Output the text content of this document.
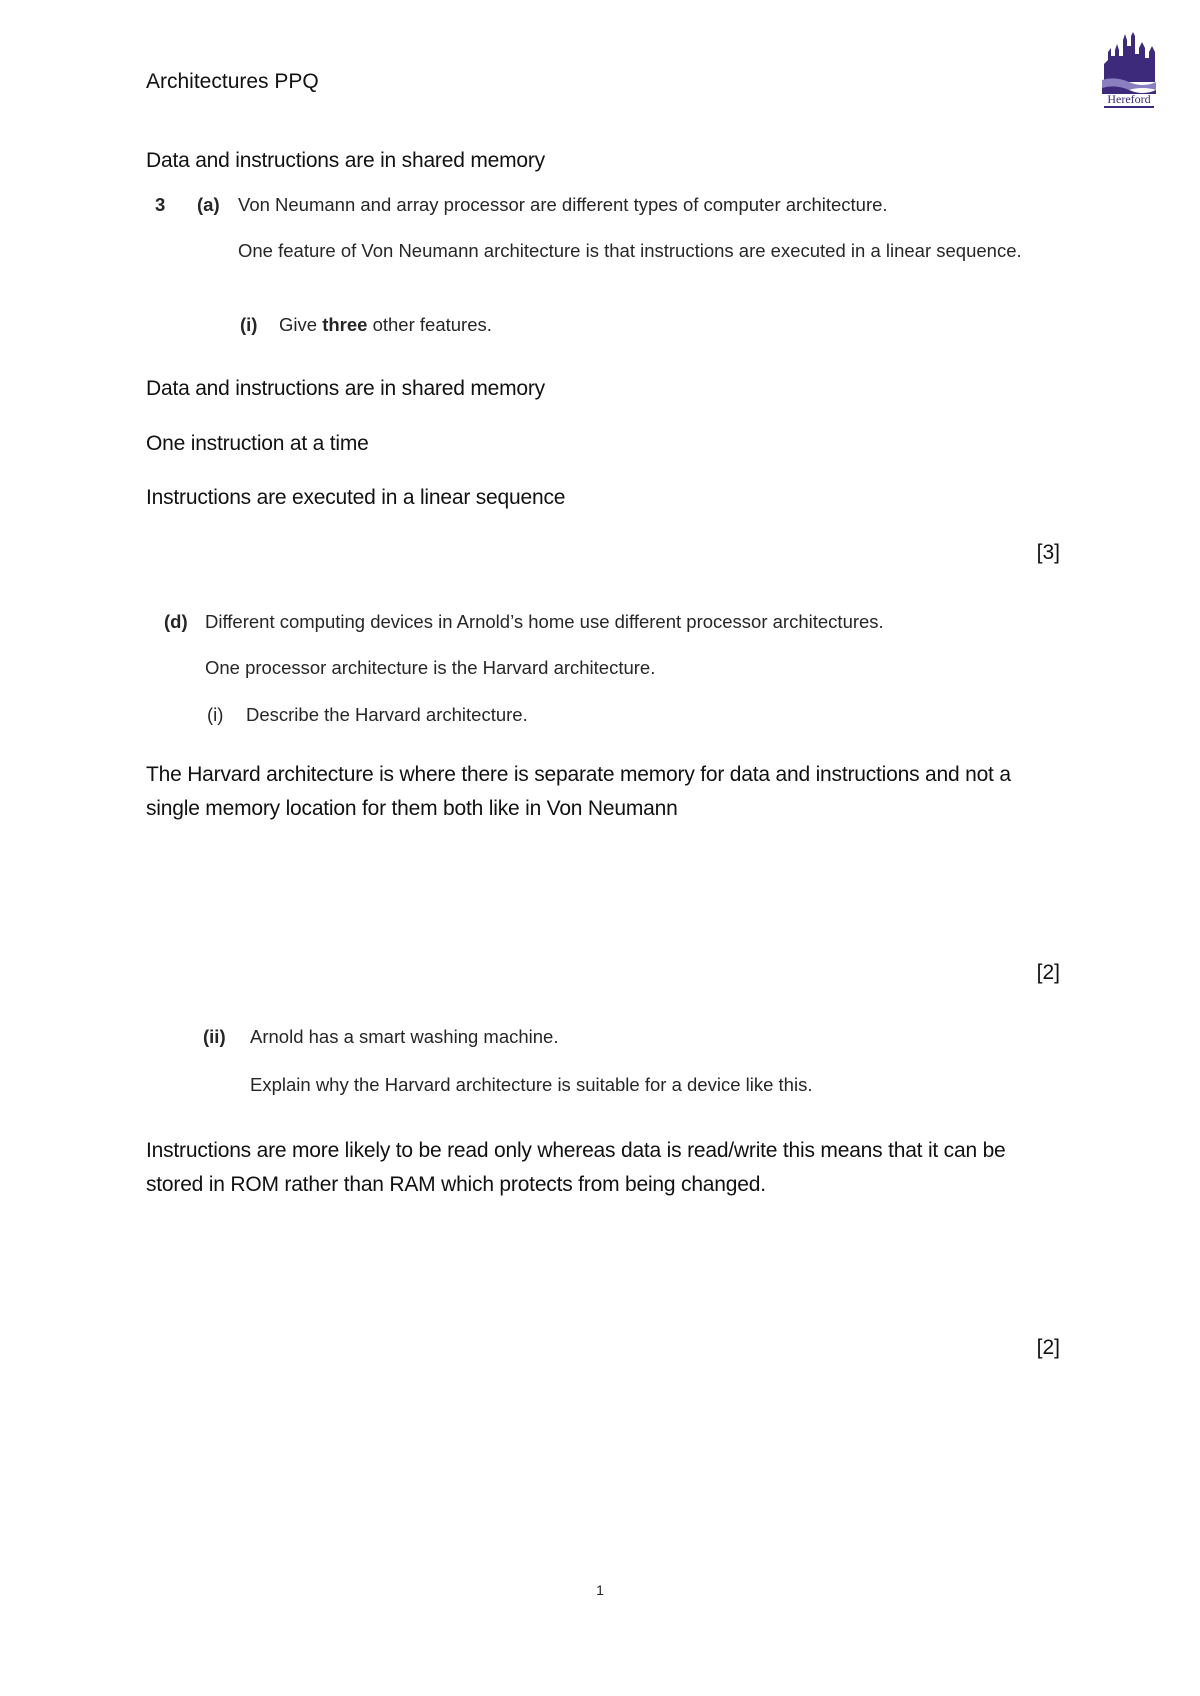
Architectures PPQ
Hereford
Data and instructions are in shared memory
3 (a) Von Neumann and array processor are different types of computer architecture.
One feature of Von Neumann architecture is that instructions are executed in a linear sequence.
(i) Give three other features.
Data and instructions are in shared memory
One instruction at a time
Instructions are executed in a linear sequence
[3]
(d) Different computing devices in Arnold’s home use different processor architectures.
One processor architecture is the Harvard architecture.
(i) Describe the Harvard architecture.
The Harvard architecture is where there is separate memory for data and instructions and not a single memory location for them both like in Von Neumann
[2]
(ii) Arnold has a smart washing machine.
Explain why the Harvard architecture is suitable for a device like this.
Instructions are more likely to be read only whereas data is read/write this means that it can be stored in ROM rather than RAM which protects from being changed.
[2]
1
